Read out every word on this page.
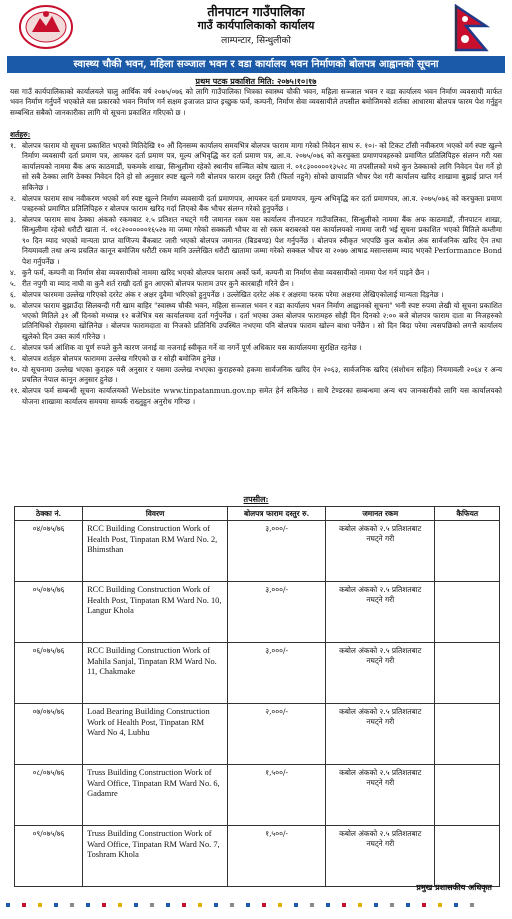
तीनपाटन गाउँपालिका
गाउँ कार्यपालिकाको कार्यालय
लाम्पन्टार, सिन्धुलीको
स्वास्थ्य चौकी भवन, महिला सञ्जाल भवन र वडा कार्यालय भवन निर्माणको बोलपत्र आह्वानको सूचना
प्रथम पटक प्रकाशित मिति: २०७५।१०।१७
यस गाउँ कार्यपालिकाको कार्यालयले चालु आर्थिक वर्ष २०७५/०७६ को लागि गाउँपालिका भित्रका स्वास्थ्य चौकी भवन, महिला सञ्जाल भवन र वडा कार्यालय भवन निर्माण व्यवसायी मार्फत भवन निर्माण गर्नुपर्ने भएकोले यस प्रकारको भवन निर्माण गर्न सक्षम इजाजत प्राप्त इच्छुक फर्म, कम्पनी, निर्माण सेवा व्यवसायीले तपसील बमोजिमको शर्तका आधारमा बोलपत्र फारम पेश गर्नुहुन सम्बन्धित सबैको जानकारीका लागि यो सूचना प्रकाशित गरिएको छ ।
शर्तहरु:
१. बोलपत्र फाराम यो सूचना प्रकाशित भएको मितिदेखि १० औं दिनसम्म कार्यालय समयभित्र बोलपत्र फाराम मागा गरेको निवेदन साथ रु. १०।- को टिकट टाँसी नवीकरण भएको वर्ग स्पष्ट खुल्ने निर्माण व्यवसायी दर्ता प्रमाण पत्र, आयकर दर्ता प्रमाण पत्र, मूल्य अभिवृद्धि कर दर्ता प्रमाण पत्र, आ.व. २०७५/०७६ को करचुक्ता प्रमाणपत्रहरुको प्रमाणित प्रतिलिपिहरु संलग्न गरी यस कार्यालयको नाममा बैंक अफ काठमाडौं, चकमके शाखा, सिन्धुलीमा रहेको स्थानीय सञ्चित कोष खाता नं. ०१८३०००००१३५२८ मा तपसीलको मध्ये कुन ठेक्काको लागि निवेदन पेश गर्ने हो सो सबै ठेक्का लागि ठेक्का निवेदन दिने हो सो अनुसार स्पष्ट खुल्ने गरी बोलपत्र फाराम दस्तुर तिरी (फिर्ता नहुने) सोको छायाप्रति भौचर पेश गरी कार्यालय खरिद शाखामा बुझाई प्राप्त गर्न सकिनेछ ।
२. बोलपत्र फाराम साथ नवीकरण भएको वर्ग स्पष्ट खुल्ने निर्माण व्यवसायी दर्ता प्रमाणपत्र, आयकर दर्ता प्रमाणपत्र, मूल्य अभिवृद्धि कर दर्ता प्रमाणपत्र, आ.व. २०७५/०७६ को करचुक्ता प्रमाण पत्रहरुको प्रमाणित प्रतिलिपिहरु र बोलपत्र फाराम खरिद गर्दा लिएको बैंक भौचर संलग्न गरेको हुनुपर्नेछ ।
३. बोलपत्र फाराम साथ ठेक्का अंकको रकमबाट २.५ प्रतिशत नघट्ने गरी जमानत रकम यस कार्यालय तीनपाटन गाउँपालिका, सिन्धुलीको नाममा बैंक अफ काठमाडौं, तीनपाटन शाखा, सिन्धुलीमा रहेको धरौटी खाता नं. ०१८२००००००१६५२७ मा जम्मा गरेको सक्कली भौचर वा सो रकम बराबरको यस कार्यालयको नाममा जारी भई सूचना प्रकाशित भएको मितिले कम्तीमा ९० दिन म्याद भएको मान्यता प्राप्त वाणिज्य बैंकबाट जारी भएको बोलपत्र जमानत (बिडबण्ड) पेश गर्नुपर्नेछ । बोलपत्र स्वीकृत भएपछि कुल कबोल अंक सार्वजनिक खरिद ऐन तथा नियमावली तथा अन्य प्रचलित कानून बमोजिम धरौटी रकम मानि उल्लेखित धरौटी खातामा जम्मा गरेको सक्कल भौचर वा २०७७ आषाढ मसान्तसम्म म्याद भएको Performance Bond पेश गर्नुपर्नेछ ।
४. कुनै फर्म, कम्पनी वा निर्माण सेवा व्यवसायीको नाममा खरिद भएको बोलपत्र फाराम अर्को फर्म, कम्पनी वा निर्माण सेवा व्यवसायीको नाममा पेश गर्न पाइने छैन ।
५. रीत नपुगी वा म्याद नाघी वा कुनै शर्त राखी दर्ता हुन आएको बोलपत्र फाराम उपर कुनै कारबाही गरिने छैन ।
६. बोलपत्र फारममा उल्लेख गरिएको दररेट अंक र अक्षर दुवैमा भरिएको हुनुपर्नेछ । उल्लेखित दररेट अंक र अक्षरमा फरक परेमा अक्षरमा लेखिएकोलाई मान्यता दिइनेछ ।
७. बोलपत्र फाराम बुझाउँदा सिलबन्दी गरी खाम बाहिर "स्वास्थ्य चौकी भवन, महिला सञ्जाल भवन र वडा कार्यालय भवन निर्माण आह्वानको सूचना" भनी स्पष्ट रुपमा लेखी यो सूचना प्रकाशित भएको मितिले ३१ औं दिनको मध्यान्न १२ बजेभित्र यस कार्यालयमा दर्ता गर्नुपर्नेछ । दर्ता भएका उक्त बोलपत्र फारामहरु सोही दिन दिनको २:०० बजे बोलपत्र फाराम दाता वा निजहरुको प्रतिनिधिको रोहवरमा खोलिनेछ । बोलपत्र फारामदाता वा निजको प्रतिनिधि उपस्थित नभएमा पनि बोलपत्र फाराम खोल्न बाधा पर्नेछैन । सो दिन बिदा परेमा त्यसपछिको लगत्तै कार्यालय खुलेको दिन उक्त कार्य गरिनेछ ।
८. बोलपत्र फर्म आंशिक वा पूर्ण रुपले कुनै कारण जनाई वा नजनाई स्वीकृत गर्ने वा नगर्ने पूर्ण अधिकार यस कार्यालयमा सुरक्षित रहनेछ ।
९. बोलपत्र शर्तहरु बोलपत्र फाराममा उल्लेख गरिएको छ र सोही बमोजिम हुनेछ ।
१०. यो सूचनामा उल्लेख भएका कुराहरु यसै अनुसार र यसमा उल्लेख नभएका कुराहरुको हकमा सार्वजनिक खरिद ऐन २०६३, सार्वजनिक खरिद (संशोधन सहित) नियमावली २०६४ र अन्य प्रचलित नेपाल कानून अनुसार हुनेछ ।
११. बोलपत्र फर्म सम्बन्धी सूचना कार्यालयको Website www.tinpatanmun.gov.np समेत हेर्न सकिनेछ । साथै टेण्डरका सम्बन्धमा अन्य थप जानकारीको लागि यस कार्यालयको योजना शाखामा कार्यालय समयमा सम्पर्क राख्नुहुन अनुरोध गरिन्छ ।
तपसील:
ठेक्का नं.	विवरण	बोलपत्र फाराम दस्तुर रु.	जमानत रकम	कैफियत
०४/०७५/७६	RCC Building Construction Work of Health Post, Tinpatan RM Ward No. 2, Bhimsthan	३,०००/-	कबोल अंकको २.५ प्रतिशतबाट नघट्ने गरी	
०५/०७५/७६	RCC Building Construction Work of Health Post, Tinpatan RM Ward No. 10, Langur Khola	३,०००/-	कबोल अंकको २.५ प्रतिशतबाट नघट्ने गरी	
०६/०७५/७६	RCC Building Construction Work of Mahila Sanjal, Tinpatan RM Ward No. 11, Chakmake	३,०००/-	कबोल अंकको २.५ प्रतिशतबाट नघट्ने गरी	
०७/०७५/७६	Load Bearing Building Construction Work of Health Post, Tinpatan RM Ward No 4, Lubhu	२,०००/-	कबोल अंकको २.५ प्रतिशतबाट नघट्ने गरी	
०८/०७५/७६	Truss Building Construction Work of Ward Office, Tinpatan RM Ward No. 6, Gadamre	१,५००/-	कबोल अंकको २.५ प्रतिशतबाट नघट्ने गरी	
०९/०७५/७६	Truss Building Construction Work of Ward Office, Tinpatan RM Ward No. 7, Toshram Khola	१,५००/-	कबोल अंकको २.५ प्रतिशतबाट नघट्ने गरी	
प्रमुख प्रशासकीय अधिकृत
